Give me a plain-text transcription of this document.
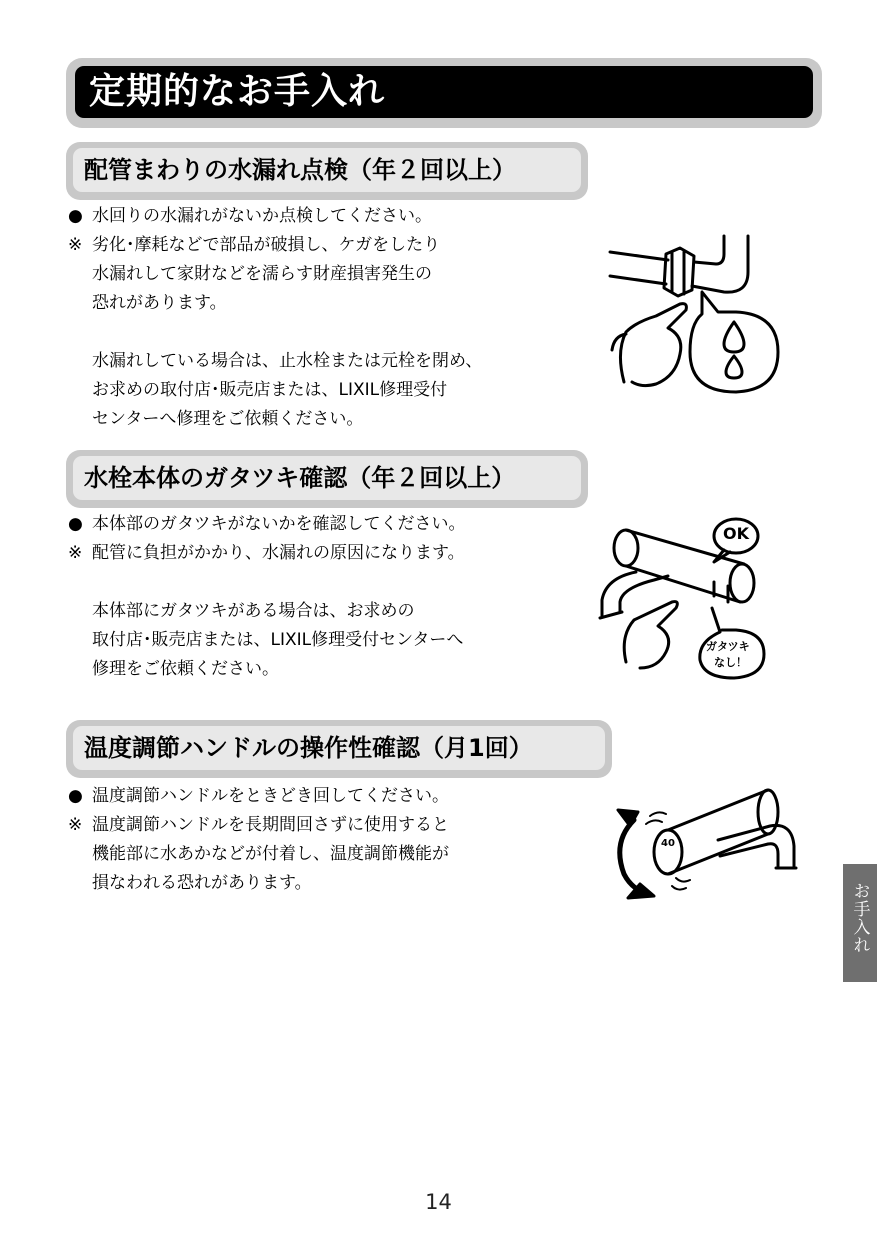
定期的なお手入れ
配管まわりの水漏れ点検（年２回以上）
● 水回りの水漏れがないか点検してください。
※ 劣化･摩耗などで部品が破損し、ケガをしたり
水漏れして家財などを濡らす財産損害発生の
恐れがあります。
水漏れしている場合は、止水栓または元栓を閉め、
お求めの取付店･販売店または、LIXIL修理受付
センターへ修理をご依頼ください。
水栓本体のガタツキ確認（年２回以上）
● 本体部のガタツキがないかを確認してください。
※ 配管に負担がかかり、水漏れの原因になります。
本体部にガタツキがある場合は、お求めの
取付店･販売店または、LIXIL修理受付センターへ
修理をご依頼ください。
OK
ガタツキ
なし！
温度調節ハンドルの操作性確認（月1回）
● 温度調節ハンドルをときどき回してください。
※ 温度調節ハンドルを長期間回さずに使用すると
機能部に水あかなどが付着し、温度調節機能が
損なわれる恐れがあります。
40
お手入れ
14
